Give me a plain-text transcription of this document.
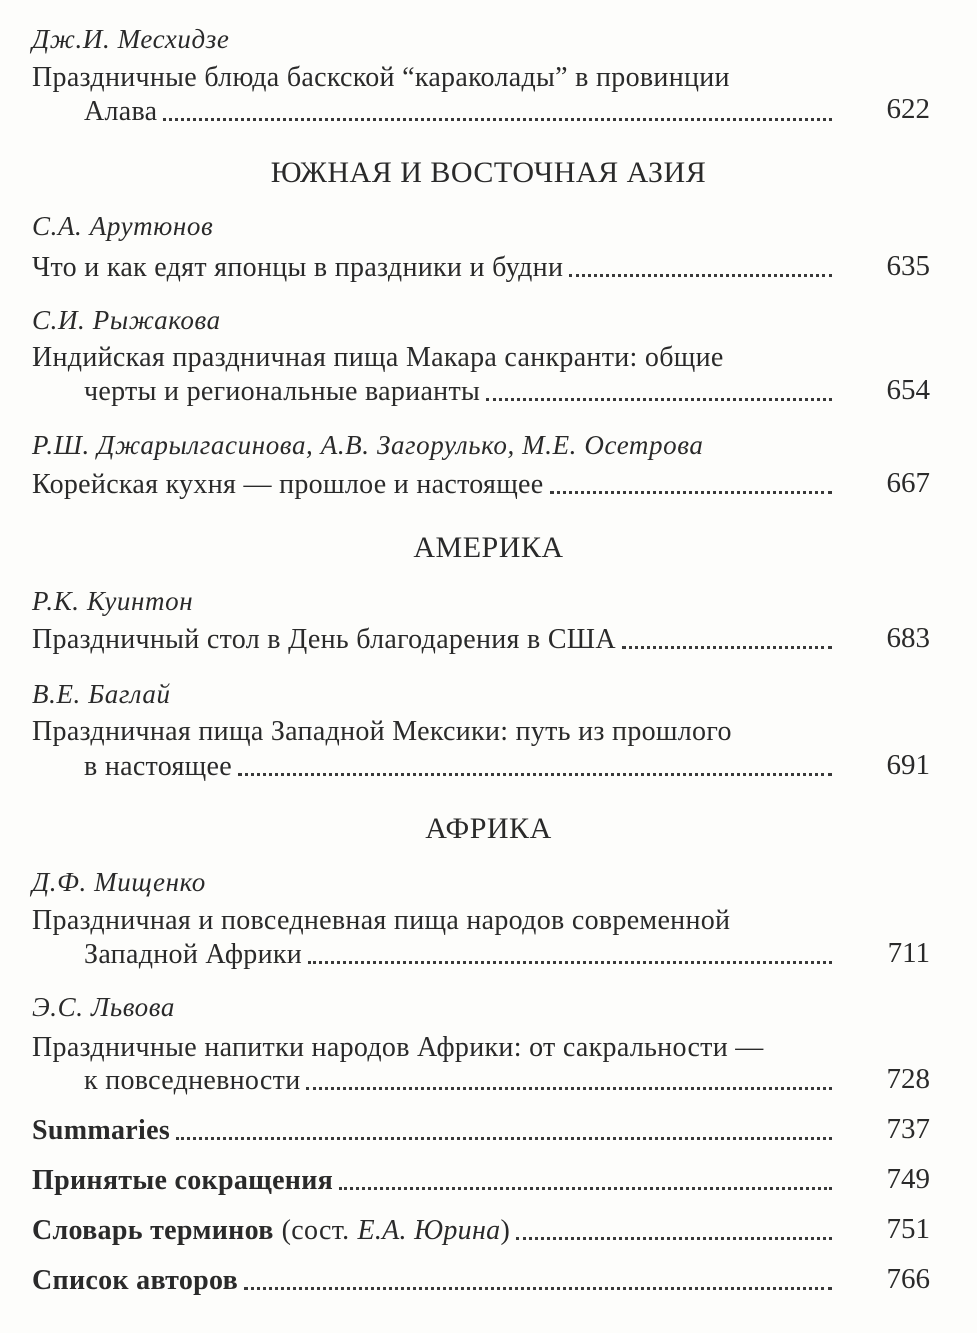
Дж.И. Месхидзе
Праздничные блюда баскской “караколады” в провинции
Алава	622
ЮЖНАЯ И ВОСТОЧНАЯ АЗИЯ
С.А. Арутюнов
Что и как едят японцы в праздники и будни	635
С.И. Рыжакова
Индийская праздничная пища Макара санкранти: общие
черты и региональные варианты	654
Р.Ш. Джарылгасинова, А.В. Загорулько, М.Е. Осетрова
Корейская кухня — прошлое и настоящее	667
АМЕРИКА
Р.К. Куинтон
Праздничный стол в День благодарения в США	683
В.Е. Баглай
Праздничная пища Западной Мексики: путь из прошлого
в настоящее	691
АФРИКА
Д.Ф. Мищенко
Праздничная и повседневная пища народов современной
Западной Африки	711
Э.С. Львова
Праздничные напитки народов Африки: от сакральности —
к повседневности	728
Summaries	737
Принятые сокращения	749
Словарь терминов (сост. Е.А. Юрина )	751
Список авторов	766
